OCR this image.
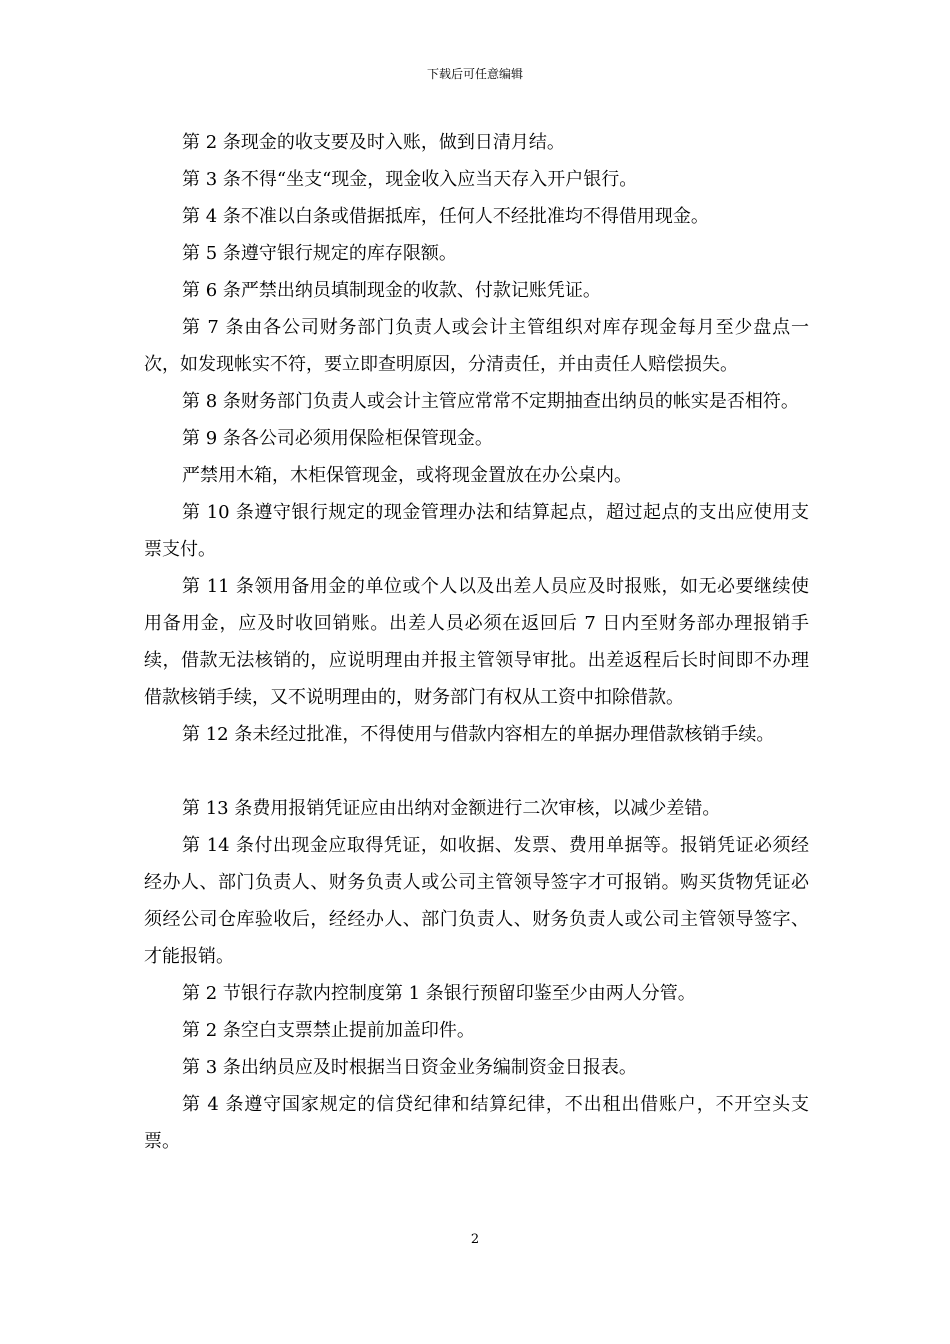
下载后可任意编辑

第 2 条现金的收支要及时入账，做到日清月结。

第 3 条不得“坐支“现金，现金收入应当天存入开户银行。

第 4 条不准以白条或借据抵库，任何人不经批准均不得借用现金。

第 5 条遵守银行规定的库存限额。

第 6 条严禁出纳员填制现金的收款、付款记账凭证。

第 7 条由各公司财务部门负责人或会计主管组织对库存现金每月至少盘点一次，如发现帐实不符，要立即查明原因，分清责任，并由责任人赔偿损失。

第 8 条财务部门负责人或会计主管应常常不定期抽查出纳员的帐实是否相符。

第 9 条各公司必须用保险柜保管现金。

严禁用木箱，木柜保管现金，或将现金置放在办公桌内。

第 10 条遵守银行规定的现金管理办法和结算起点，超过起点的支出应使用支票支付。

第 11 条领用备用金的单位或个人以及出差人员应及时报账，如无必要继续使用备用金，应及时收回销账。出差人员必须在返回后 7 日内至财务部办理报销手续，借款无法核销的，应说明理由并报主管领导审批。出差返程后长时间即不办理借款核销手续，又不说明理由的，财务部门有权从工资中扣除借款。

第 12 条未经过批准，不得使用与借款内容相左的单据办理借款核销手续。

第 13 条费用报销凭证应由出纳对金额进行二次审核，以减少差错。

第 14 条付出现金应取得凭证，如收据、发票、费用单据等。报销凭证必须经经办人、部门负责人、财务负责人或公司主管领导签字才可报销。购买货物凭证必须经公司仓库验收后，经经办人、部门负责人、财务负责人或公司主管领导签字、才能报销。

第 2 节银行存款内控制度第 1 条银行预留印鉴至少由两人分管。

第 2 条空白支票禁止提前加盖印件。

第 3 条出纳员应及时根据当日资金业务编制资金日报表。

第 4 条遵守国家规定的信贷纪律和结算纪律，不出租出借账户，不开空头支票。

2
